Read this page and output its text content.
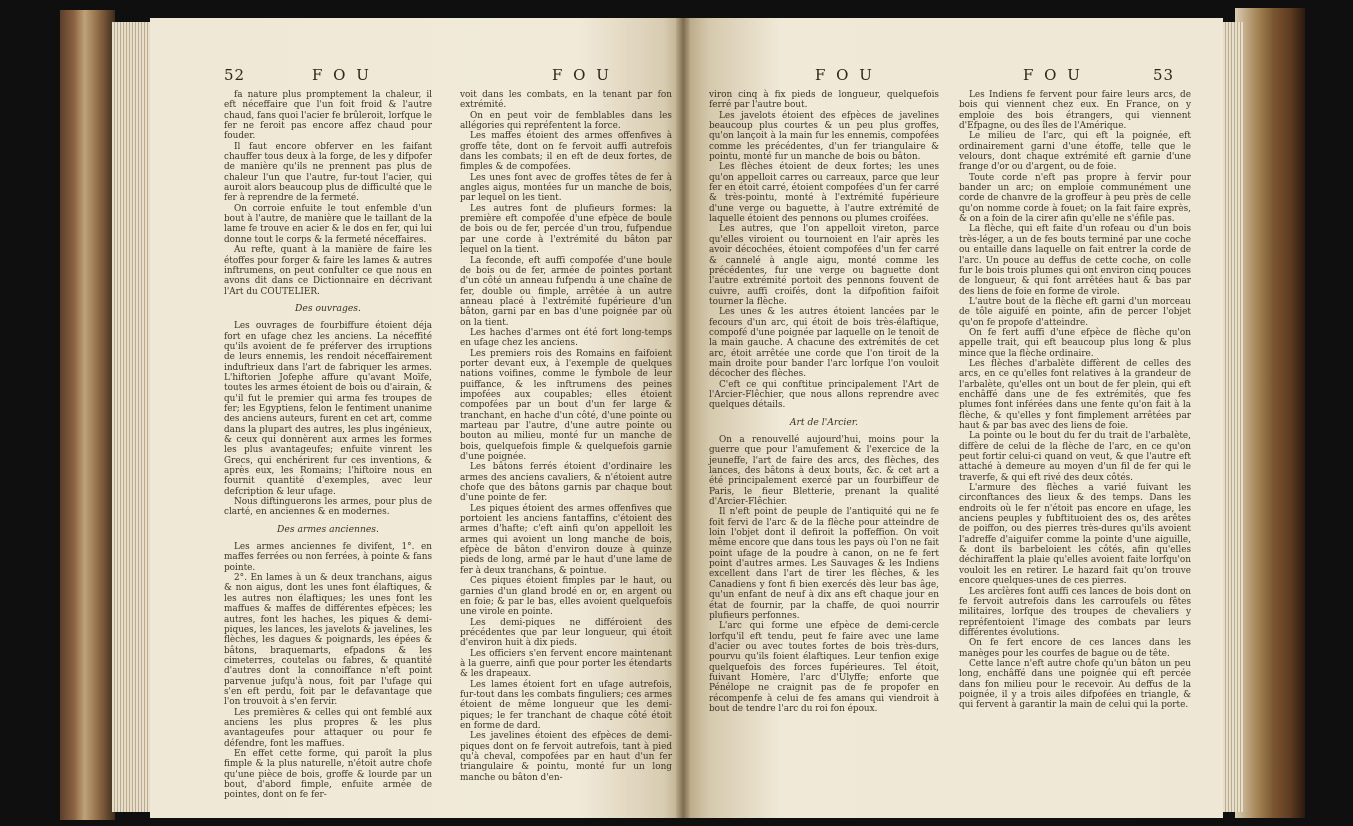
52	F O U	F O U

fa nature plus promptement la chaleur, il eft néceffaire que l'un foit froid & l'autre chaud, fans quoi l'acier fe brûleroit, lorfque le fer ne feroit pas encore affez chaud pour fouder.

Il faut encore obferver en les faifant chauffer tous deux à la forge, de les y difpofer de manière qu'ils ne prennent pas plus de chaleur l'un que l'autre, fur-tout l'acier, qui auroit alors beaucoup plus de difficulté que le fer à reprendre de la fermeté.

On corroie enfuite le tout enfemble d'un bout à l'autre, de manière que le taillant de la lame fe trouve en acier & le dos en fer, qui lui donne tout le corps & la fermeté néceffaires.

Au refte, quant à la manière de faire les étoffes pour forger & faire les lames & autres inftrumens, on peut confulter ce que nous en avons dit dans ce Dictionnaire en décrivant l'Art du COUTELIER.

Des ouvrages.

Les ouvrages de fourbiffure étoient déja fort en ufage chez les anciens. La néceffité qu'ils avoient de fe préferver des irruptions de leurs ennemis, les rendoit néceffairement induftrieux dans l'art de fabriquer les armes. L'hiftorien Jofephe affure qu'avant Moïfe, toutes les armes étoient de bois ou d'airain, & qu'il fut le premier qui arma fes troupes de fer; les Egyptiens, felon le fentiment unanime des anciens auteurs, furent en cet art, comme dans la plupart des autres, les plus ingénieux, & ceux qui donnèrent aux armes les formes les plus avantageufes; enfuite vinrent les Grecs, qui enchérirent fur ces inventions, & après eux, les Romains; l'hiftoire nous en fournit quantité d'exemples, avec leur defcription & leur ufage.

Nous diftinguerons les armes, pour plus de clarté, en anciennes & en modernes.

Des armes anciennes.

Les armes anciennes fe divifent, 1°. en maffes ferrées ou non ferrées, à pointe & fans pointe.

2°. En lames à un & deux tranchans, aigus & non aigus, dont les unes font élaftiques, & les autres non élaftiques; les unes font les maffues & maffes de différentes efpèces; les autres, font les haches, les piques & demi-piques, les lances, les javelots & javelines, les flèches, les dagues & poignards, les épées & bâtons, braquemarts, efpadons & les cimeterres, coutelas ou fabres, & quantité d'autres dont la connoiffance n'eft point parvenue jufqu'à nous, foit par l'ufage qui s'en eft perdu, foit par le defavantage que l'on trouvoit à s'en fervir.

Les premières & celles qui ont femblé aux anciens les plus propres & les plus avantageufes pour attaquer ou pour fe défendre, font les maffues.

En effet cette forme, qui paroît la plus fimple & la plus naturelle, n'étoit autre chofe qu'une pièce de bois, groffe & lourde par un bout, d'abord fimple, enfuite armée de pointes, dont on fe fer-

voit dans les combats, en la tenant par fon extrémité.

On en peut voir de femblables dans les allégories qui repréfentent la force.

Les maffes étoient des armes offenfives à groffe tête, dont on fe fervoit auffi autrefois dans les combats; il en eft de deux fortes, de fimples & de compofées.

Les unes font avec de groffes têtes de fer à angles aigus, montées fur un manche de bois, par lequel on les tient.

Les autres font de plufieurs formes: la première eft compofée d'une efpèce de boule de bois ou de fer, percée d'un trou, fufpendue par une corde à l'extrémité du bâton par lequel on la tient.

La feconde, eft auffi compofée d'une boule de bois ou de fer, armée de pointes portant d'un côté un anneau fufpendu à une chaîne de fer, double ou fimple, arrêtée à un autre anneau placé à l'extrémité fupérieure d'un bâton, garni par en bas d'une poignée par où on la tient.

Les haches d'armes ont été fort long-temps en ufage chez les anciens.

Les premiers rois des Romains en faifoient porter devant eux, à l'exemple de quelques nations voifines, comme le fymbole de leur puiffance, & les inftrumens des peines impofées aux coupables; elles étoient compofées par un bout d'un fer large & tranchant, en hache d'un côté, d'une pointe ou marteau par l'autre, d'une autre pointe ou bouton au milieu, monté fur un manche de bois, quelquefois fimple & quelquefois garnie d'une poignée.

Les bâtons ferrés étoient d'ordinaire les armes des anciens cavaliers, & n'étoient autre chofe que des bâtons garnis par chaque bout d'une pointe de fer.

Les piques étoient des armes offenfives que portoient les anciens fantaffins, c'étoient des armes d'hafte; c'eft ainfi qu'on appelloit les armes qui avoient un long manche de bois, efpèce de bâton d'environ douze à quinze pieds de long, armé par le haut d'une lame de fer à deux tranchans, & pointue.

Ces piques étoient fimples par le haut, ou garnies d'un gland brodé en or, en argent ou en foie; & par le bas, elles avoient quelquefois une virole en pointe.

Les demi-piques ne différoient des précédentes que par leur longueur, qui étoit d'environ huit à dix pieds.

Les officiers s'en fervent encore maintenant à la guerre, ainfi que pour porter les étendarts & les drapeaux.

Les lames étoient fort en ufage autrefois, fur-tout dans les combats finguliers; ces armes étoient de même longueur que les demi-piques; le fer tranchant de chaque côté étoit en forme de dard.

Les javelines étoient des efpèces de demi-piques dont on fe fervoit autrefois, tant à pied qu'à cheval, compofées par en haut d'un fer triangulaire & pointu, monté fur un long manche ou bâton d'en-

F O U	F O U	53

viron cinq à fix pieds de longueur, quelquefois ferré par l'autre bout.

Les javelots étoient des efpèces de javelines beaucoup plus courtes & un peu plus groffes, qu'on lançoit à la main fur les ennemis, compofées comme les précédentes, d'un fer triangulaire & pointu, monté fur un manche de bois ou bâton.

Les flèches étoient de deux fortes; les unes qu'on appelloit carres ou carreaux, parce que leur fer en étoit carré, étoient compofées d'un fer carré & très-pointu, monté à l'extrémité fupérieure d'une verge ou baguette, à l'autre extrémité de laquelle étoient des pennons ou plumes croifées.

Les autres, que l'on appelloit vireton, parce qu'elles viroient ou tournoient en l'air après les avoir décochées, étoient compofées d'un fer carré & cannelé à angle aigu, monté comme les précédentes, fur une verge ou baguette dont l'autre extrémité portoit des pennons fouvent de cuivre, auffi croifés, dont la difpofition faifoit tourner la flèche.

Les unes & les autres étoient lancées par le fecours d'un arc, qui étoit de bois très-élaftique, compofé d'une poignée par laquelle on le tenoit de la main gauche. A chacune des extrémités de cet arc, étoit arrêtée une corde que l'on tiroit de la main droite pour bander l'arc lorfque l'on vouloit décocher des flèches.

C'eft ce qui conftitue principalement l'Art de l'Arcier-Flêchier, que nous allons reprendre avec quelques détails.

Art de l'Arcier.

On a renouvellé aujourd'hui, moins pour la guerre que pour l'amufement & l'exercice de la jeuneffe, l'art de faire des arcs, des flèches, des lances, des bâtons à deux bouts, &c. & cet art a été principalement exercé par un fourbiffeur de Paris, le fieur Bletterie, prenant la qualité d'Arcier-Flêchier.

Il n'eft point de peuple de l'antiquité qui ne fe foit fervi de l'arc & de la flèche pour atteindre de loin l'objet dont il defiroit la poffeffion. On voit même encore que dans tous les pays où l'on ne fait point ufage de la poudre à canon, on ne fe fert point d'autres armes. Les Sauvages & les Indiens excellent dans l'art de tirer les flèches, & les Canadiens y font fi bien exercés dès leur bas âge, qu'un enfant de neuf à dix ans eft chaque jour en état de fournir, par la chaffe, de quoi nourrir plufieurs perfonnes.

L'arc qui forme une efpèce de demi-cercle lorfqu'il eft tendu, peut fe faire avec une lame d'acier ou avec toutes fortes de bois très-durs, pourvu qu'ils foient élaftiques. Leur tenfion exige quelquefois des forces fupérieures. Tel étoit, fuivant Homère, l'arc d'Ulyffe; enforte que Pénélope ne craignit pas de fe propofer en récompenfe à celui de fes amans qui viendroit à bout de tendre l'arc du roi fon époux.

Les Indiens fe fervent pour faire leurs arcs, de bois qui viennent chez eux. En France, on y emploie des bois étrangers, qui viennent d'Efpagne, ou des îles de l'Amérique.

Le milieu de l'arc, qui eft la poignée, eft ordinairement garni d'une étoffe, telle que le velours, dont chaque extrémité eft garnie d'une frange d'or ou d'argent, ou de foie.

Toute corde n'eft pas propre à fervir pour bander un arc; on emploie communément une corde de chanvre de la groffeur à peu près de celle qu'on nomme corde à fouet; on la fait faire exprès, & on a foin de la cirer afin qu'elle ne s'éfile pas.

La flèche, qui eft faite d'un rofeau ou d'un bois très-léger, a un de fes bouts terminé par une coche ou entaille dans laquelle on fait entrer la corde de l'arc. Un pouce au deffus de cette coche, on colle fur le bois trois plumes qui ont environ cinq pouces de longueur, & qui font arrêtées haut & bas par des liens de foie en forme de virole.

L'autre bout de la flèche eft garni d'un morceau de tôle aiguifé en pointe, afin de percer l'objet qu'on fe propofe d'atteindre.

On fe fert auffi d'une efpèce de flèche qu'on appelle trait, qui eft beaucoup plus long & plus mince que la flèche ordinaire.

Les flèches d'arbalète diffèrent de celles des arcs, en ce qu'elles font relatives à la grandeur de l'arbalète, qu'elles ont un bout de fer plein, qui eft enchâffé dans une de fes extrémités, que fes plumes font inférées dans une fente qu'on fait à la flèche, & qu'elles y font fimplement arrêtées par haut & par bas avec des liens de foie.

La pointe ou le bout du fer du trait de l'arbalète, diffère de celui de la flèche de l'arc, en ce qu'on peut fortir celui-ci quand on veut, & que l'autre eft attaché à demeure au moyen d'un fil de fer qui le traverfe, & qui eft rivé des deux côtés.

L'armure des flèches a varié fuivant les circonftances des lieux & des temps. Dans les endroits où le fer n'étoit pas encore en ufage, les anciens peuples y fubftituoient des os, des arêtes de poiffon, ou des pierres très-dures qu'ils avoient l'adreffe d'aiguifer comme la pointe d'une aiguille, & dont ils barbeloient les côtés, afin qu'elles déchiraffent la plaie qu'elles avoient faite lorfqu'on vouloit les en retirer. Le hazard fait qu'on trouve encore quelques-unes de ces pierres.

Les arcîères font auffi ces lances de bois dont on fe fervoit autrefois dans les carroufels ou fêtes militaires, lorfque des troupes de chevaliers y repréfentoient l'image des combats par leurs différentes évolutions.

On fe fert encore de ces lances dans les manèges pour les courfes de bague ou de tête.

Cette lance n'eft autre chofe qu'un bâton un peu long, enchâffé dans une poignée qui eft percée dans fon milieu pour le recevoir. Au deffus de la poignée, il y a trois ailes difpofées en triangle, & qui fervent à garantir la main de celui qui la porte.
